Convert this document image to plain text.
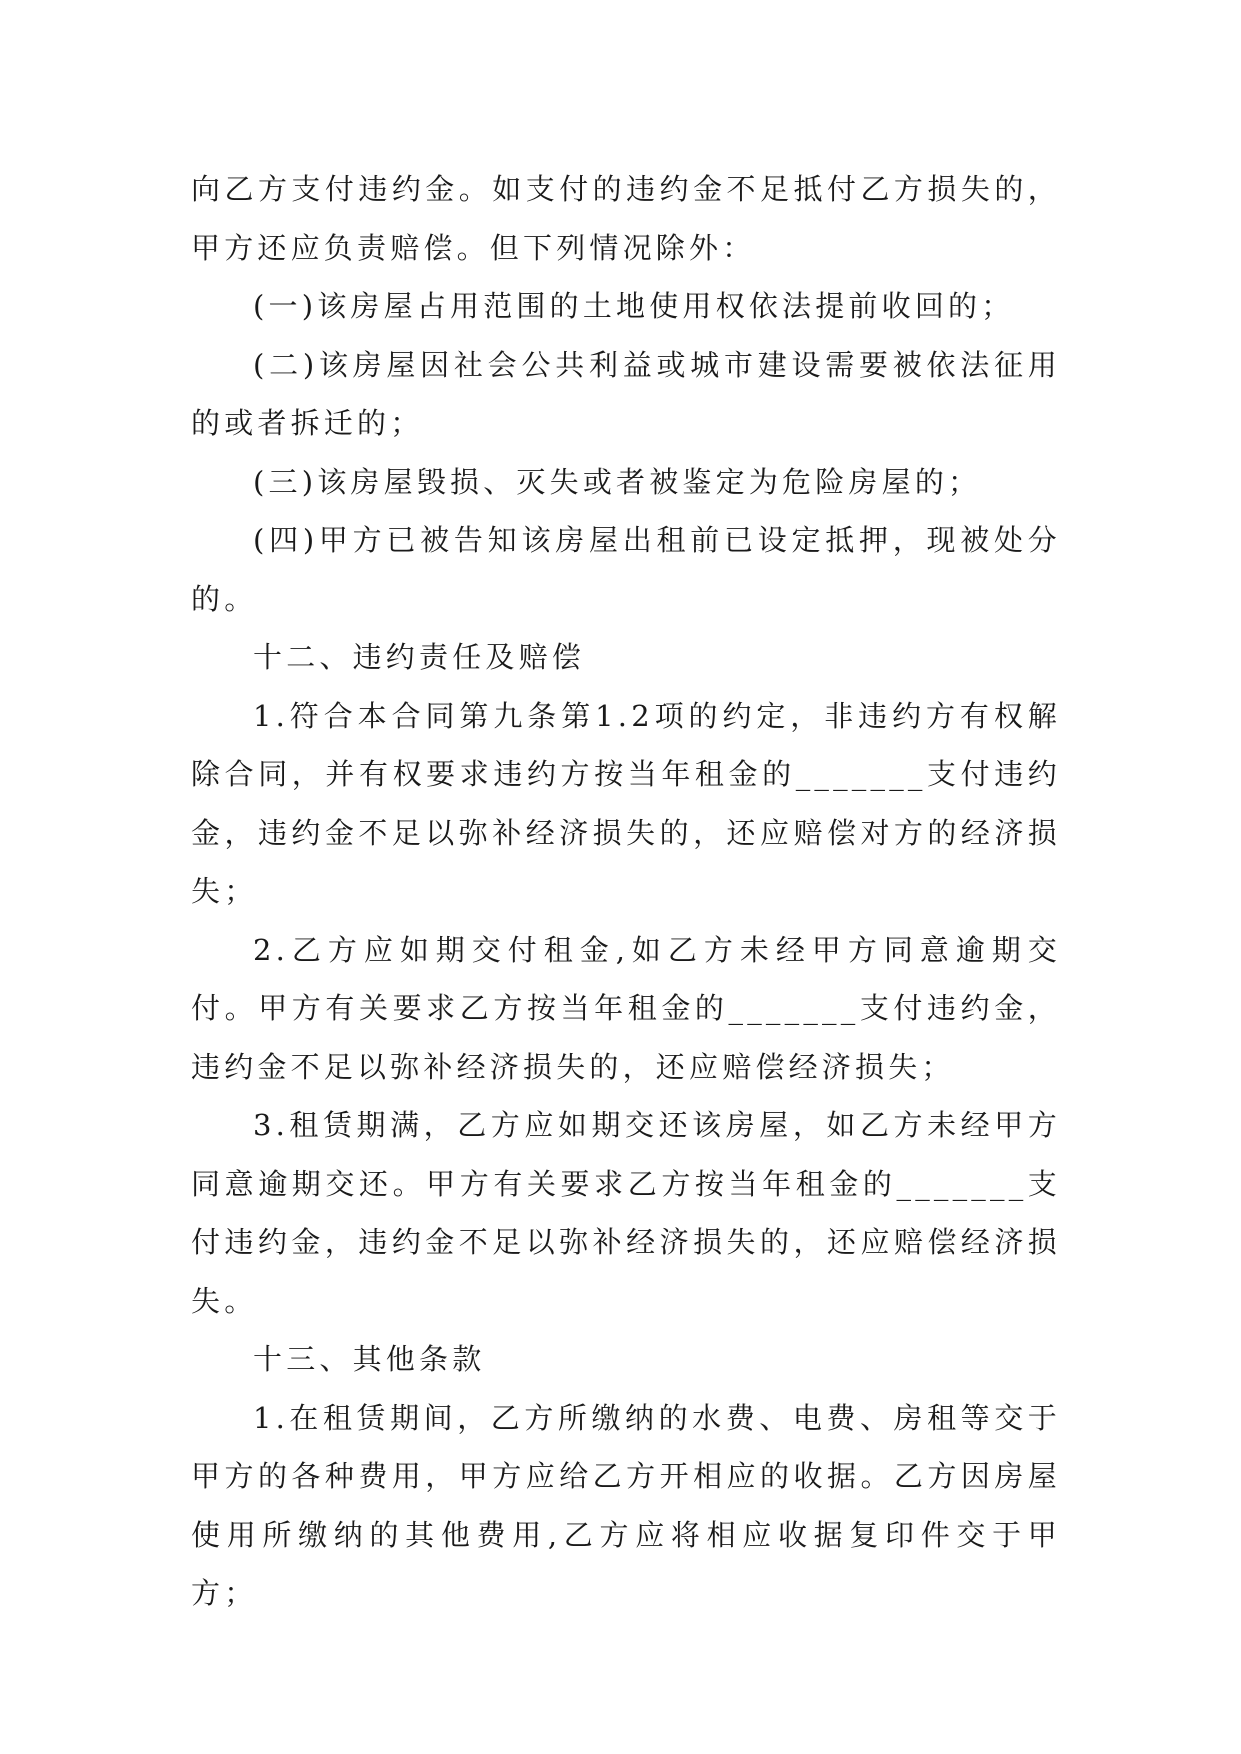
向乙方支付违约金。如支付的违约金不足抵付乙方损失的，甲方还应负责赔偿。但下列情况除外：

(一)该房屋占用范围的土地使用权依法提前收回的；

(二)该房屋因社会公共利益或城市建设需要被依法征用的或者拆迁的；

(三)该房屋毁损、灭失或者被鉴定为危险房屋的；

(四)甲方已被告知该房屋出租前已设定抵押，现被处分的。

十二、违约责任及赔偿

1.符合本合同第九条第1.2项的约定，非违约方有权解除合同，并有权要求违约方按当年租金的_______支付违约金，违约金不足以弥补经济损失的，还应赔偿对方的经济损失；

2.乙方应如期交付租金,如乙方未经甲方同意逾期交付。甲方有关要求乙方按当年租金的_______支付违约金，违约金不足以弥补经济损失的，还应赔偿经济损失；

3.租赁期满，乙方应如期交还该房屋，如乙方未经甲方同意逾期交还。甲方有关要求乙方按当年租金的_______支付违约金，违约金不足以弥补经济损失的，还应赔偿经济损失。

十三、其他条款

1.在租赁期间，乙方所缴纳的水费、电费、房租等交于甲方的各种费用，甲方应给乙方开相应的收据。乙方因房屋使用所缴纳的其他费用,乙方应将相应收据复印件交于甲方；
